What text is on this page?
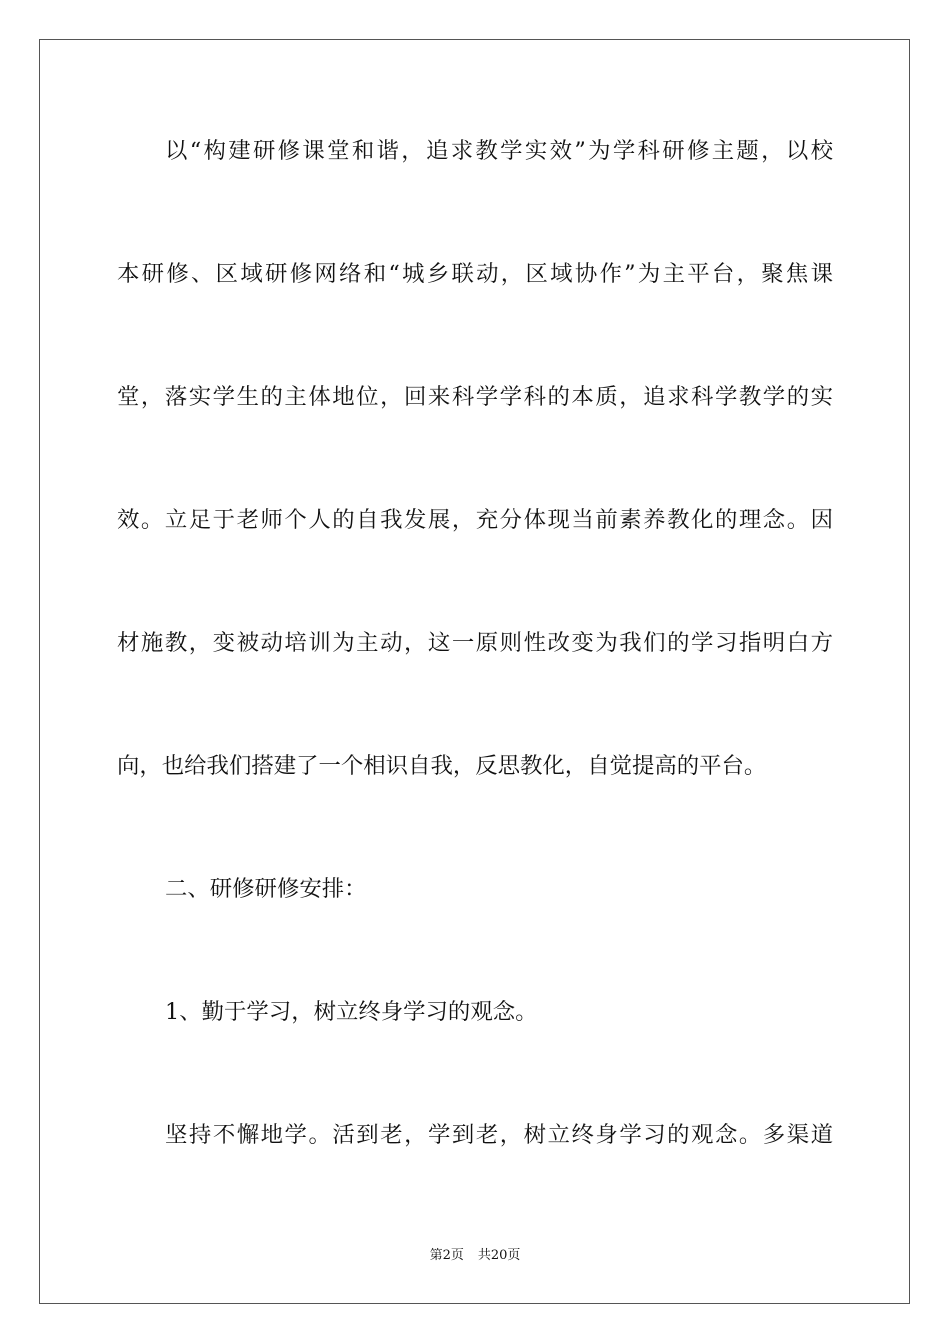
以“构建研修课堂和谐，追求教学实效”为学科研修主题，以校
本研修、区域研修网络和“城乡联动，区域协作”为主平台，聚焦课
堂，落实学生的主体地位，回来科学学科的本质，追求科学教学的实
效。立足于老师个人的自我发展，充分体现当前素养教化的理念。因
材施教，变被动培训为主动，这一原则性改变为我们的学习指明白方
向，也给我们搭建了一个相识自我，反思教化，自觉提高的平台。
二、研修研修安排：
1、勤于学习，树立终身学习的观念。
坚持不懈地学。活到老，学到老，树立终身学习的观念。多渠道
第2页 共20页
